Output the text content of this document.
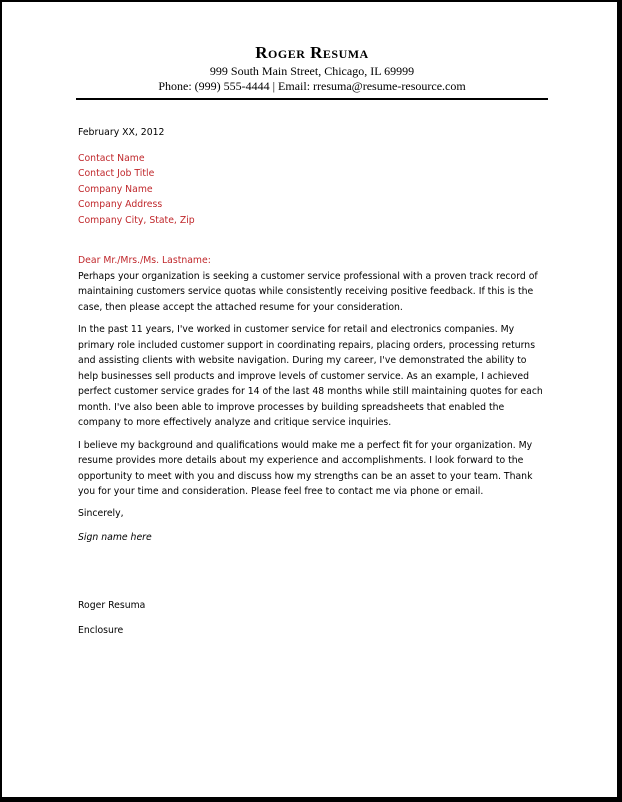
Roger Resuma
999 South Main Street, Chicago, IL 69999
Phone: (999) 555-4444 | Email: rresuma@resume-resource.com
February XX, 2012
Contact Name
Contact Job Title
Company Name
Company Address
Company City, State, Zip
Dear Mr./Mrs./Ms. Lastname:
Perhaps your organization is seeking a customer service professional with a proven track record of maintaining customers service quotas while consistently receiving positive feedback. If this is the case, then please accept the attached resume for your consideration.
In the past 11 years, I've worked in customer service for retail and electronics companies. My primary role included customer support in coordinating repairs, placing orders, processing returns and assisting clients with website navigation. During my career, I've demonstrated the ability to help businesses sell products and improve levels of customer service. As an example, I achieved perfect customer service grades for 14 of the last 48 months while still maintaining quotes for each month. I've also been able to improve processes by building spreadsheets that enabled the company to more effectively analyze and critique service inquiries.
I believe my background and qualifications would make me a perfect fit for your organization. My resume provides more details about my experience and accomplishments. I look forward to the opportunity to meet with you and discuss how my strengths can be an asset to your team. Thank you for your time and consideration. Please feel free to contact me via phone or email.
Sincerely,
Sign name here
Roger Resuma
Enclosure
